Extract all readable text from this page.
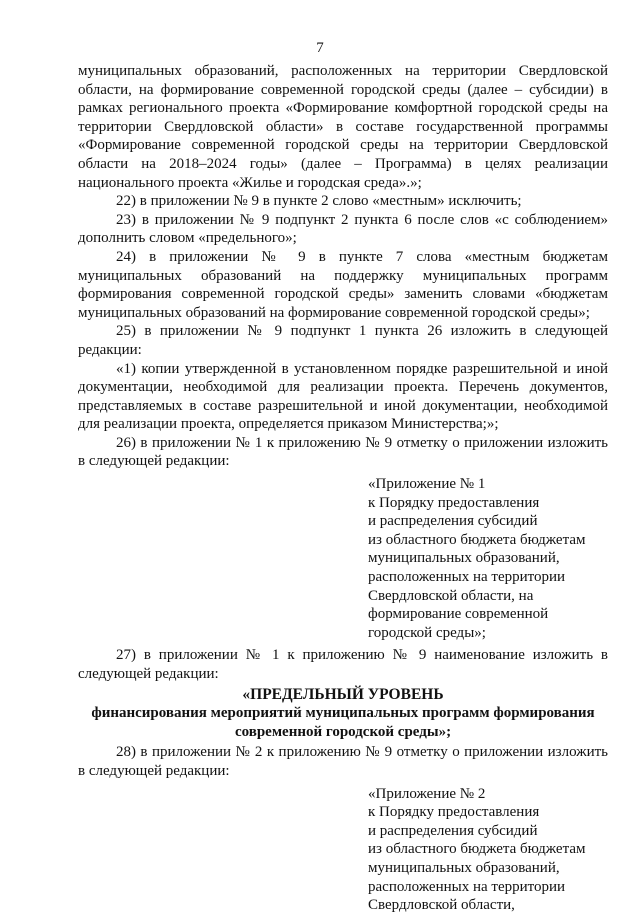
7

муниципальных образований, расположенных на территории Свердловской области, на формирование современной городской среды (далее – субсидии) в рамках регионального проекта «Формирование комфортной городской среды на территории Свердловской области» в составе государственной программы «Формирование современной городской среды на территории Свердловской области на 2018–2024 годы» (далее – Программа) в целях реализации национального проекта «Жилье и городская среда».»;

22) в приложении № 9 в пункте 2 слово «местным» исключить;

23) в приложении № 9 подпункт 2 пункта 6 после слов «с соблюдением» дополнить словом «предельного»;

24) в приложении № 9 в пункте 7 слова «местным бюджетам муниципальных образований на поддержку муниципальных программ формирования современной городской среды» заменить словами «бюджетам муниципальных образований на формирование современной городской среды»;

25) в приложении № 9 подпункт 1 пункта 26 изложить в следующей редакции:

«1) копии утвержденной в установленном порядке разрешительной и иной документации, необходимой для реализации проекта. Перечень документов, представляемых в составе разрешительной и иной документации, необходимой для реализации проекта, определяется приказом Министерства;»;

26) в приложении № 1 к приложению № 9 отметку о приложении изложить в следующей редакции:

«Приложение № 1
к Порядку предоставления
и распределения субсидий
из областного бюджета бюджетам
муниципальных образований,
расположенных на территории
Свердловской области, на
формирование современной
городской среды»;

27) в приложении № 1 к приложению № 9 наименование изложить в следующей редакции:

«ПРЕДЕЛЬНЫЙ УРОВЕНЬ
финансирования мероприятий муниципальных программ формирования
современной городской среды»;

28) в приложении № 2 к приложению № 9 отметку о приложении изложить в следующей редакции:

«Приложение № 2
к Порядку предоставления
и распределения субсидий
из областного бюджета бюджетам
муниципальных образований,
расположенных на территории
Свердловской области,
